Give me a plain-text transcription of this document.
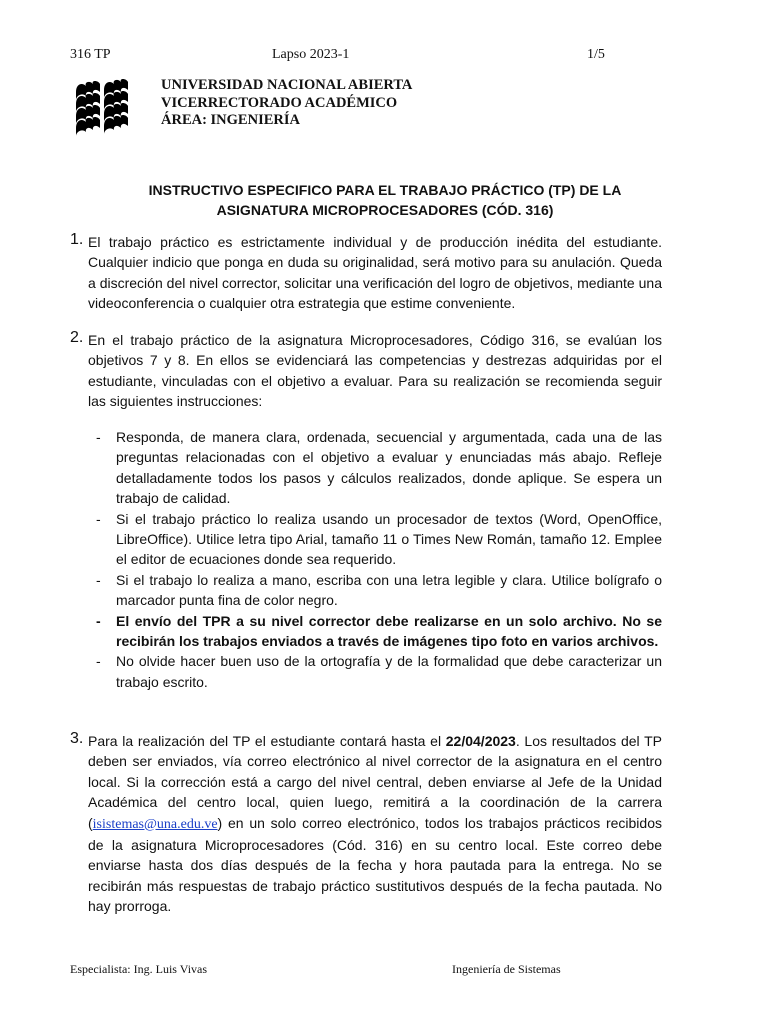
316 TP	Lapso 2023-1	1/5
UNIVERSIDAD NACIONAL ABIERTA
VICERRECTORADO ACADÉMICO
ÁREA: INGENIERÍA
INSTRUCTIVO ESPECIFICO PARA EL TRABAJO PRÁCTICO (TP) DE LA
ASIGNATURA MICROPROCESADORES (CÓD. 316)
1. El trabajo práctico es estrictamente individual y de producción inédita del estudiante. Cualquier indicio que ponga en duda su originalidad, será motivo para su anulación. Queda a discreción del nivel corrector, solicitar una verificación del logro de objetivos, mediante una videoconferencia o cualquier otra estrategia que estime conveniente.
2. En el trabajo práctico de la asignatura Microprocesadores, Código 316, se evalúan los objetivos 7 y 8. En ellos se evidenciará las competencias y destrezas adquiridas por el estudiante, vinculadas con el objetivo a evaluar. Para su realización se recomienda seguir las siguientes instrucciones:
- Responda, de manera clara, ordenada, secuencial y argumentada, cada una de las preguntas relacionadas con el objetivo a evaluar y enunciadas más abajo. Refleje detalladamente todos los pasos y cálculos realizados, donde aplique. Se espera un trabajo de calidad.
- Si el trabajo práctico lo realiza usando un procesador de textos (Word, OpenOffice, LibreOffice). Utilice letra tipo Arial, tamaño 11 o Times New Román, tamaño 12. Emplee el editor de ecuaciones donde sea requerido.
- Si el trabajo lo realiza a mano, escriba con una letra legible y clara. Utilice bolígrafo o marcador punta fina de color negro.
- El envío del TPR a su nivel corrector debe realizarse en un solo archivo. No se recibirán los trabajos enviados a través de imágenes tipo foto en varios archivos.
- No olvide hacer buen uso de la ortografía y de la formalidad que debe caracterizar un trabajo escrito.
3. Para la realización del TP el estudiante contará hasta el 22/04/2023. Los resultados del TP deben ser enviados, vía correo electrónico al nivel corrector de la asignatura en el centro local. Si la corrección está a cargo del nivel central, deben enviarse al Jefe de la Unidad Académica del centro local, quien luego, remitirá a la coordinación de la carrera (isistemas@una.edu.ve) en un solo correo electrónico, todos los trabajos prácticos recibidos de la asignatura Microprocesadores (Cód. 316) en su centro local. Este correo debe enviarse hasta dos días después de la fecha y hora pautada para la entrega. No se recibirán más respuestas de trabajo práctico sustitutivos después de la fecha pautada. No hay prorroga.
Especialista: Ing. Luis Vivas	Ingeniería de Sistemas
